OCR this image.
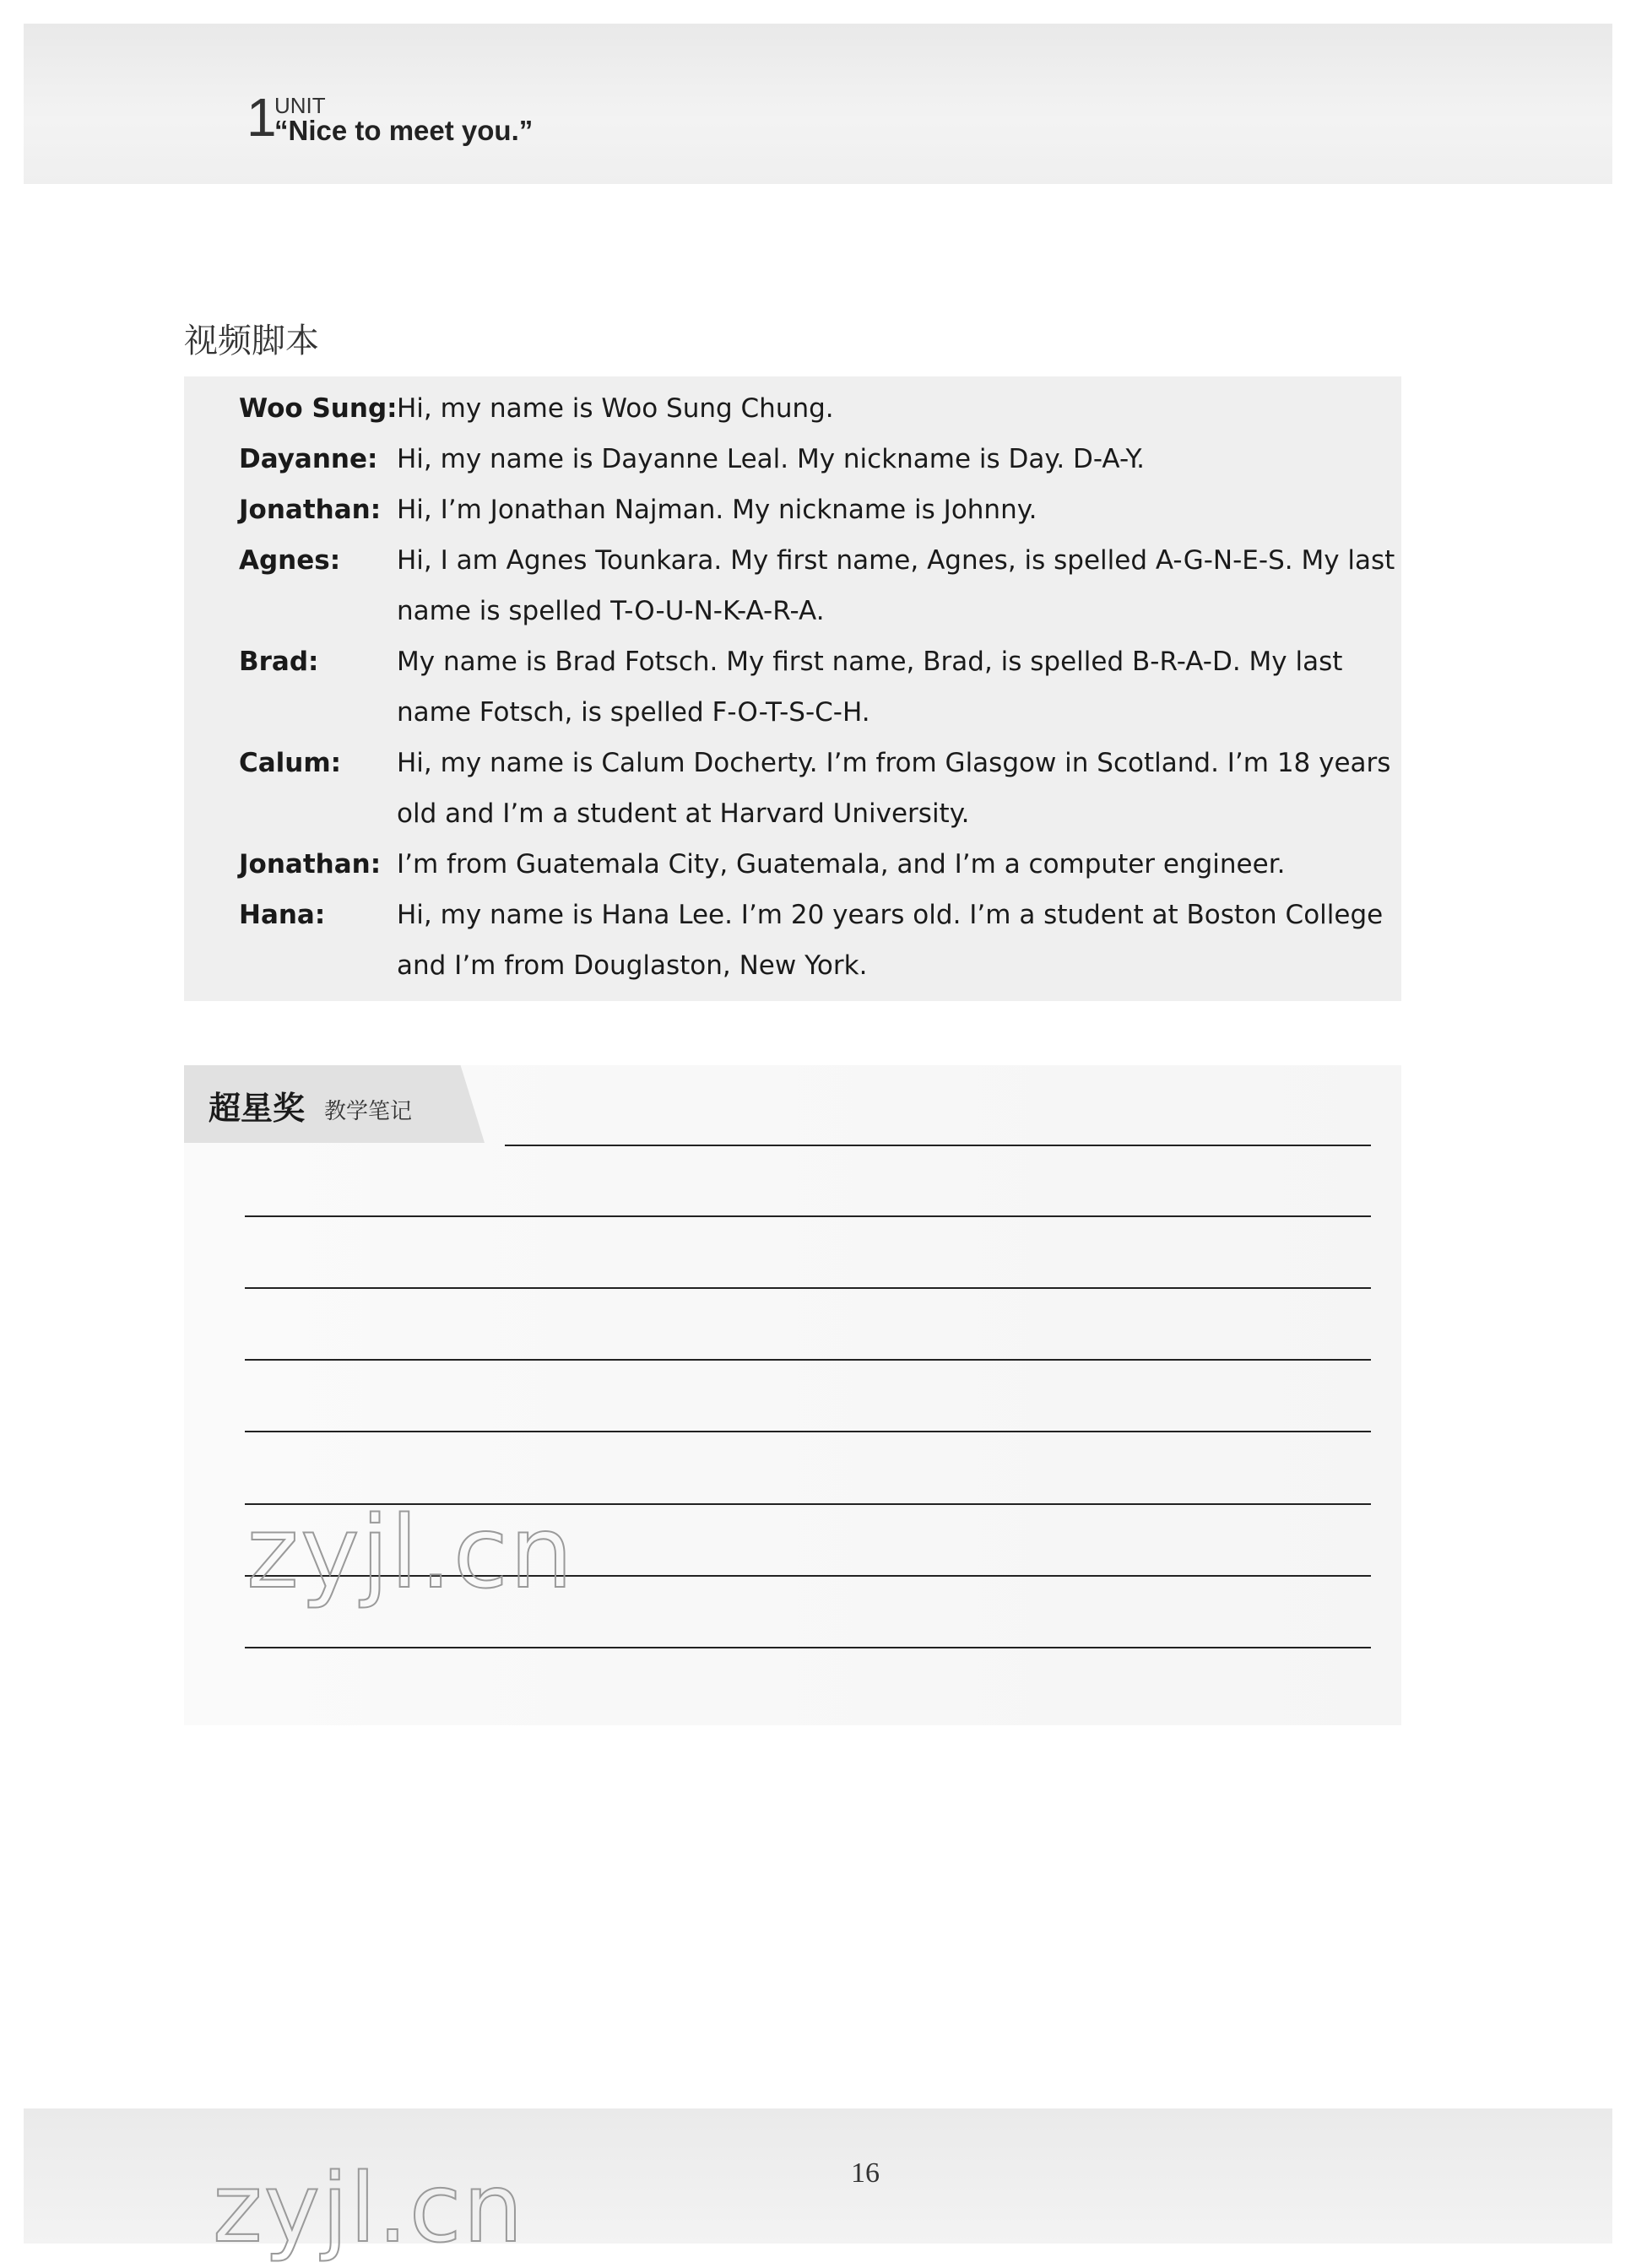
1
UNIT
“Nice to meet you.”
视频脚本
Woo Sung: Hi, my name is Woo Sung Chung.
Dayanne: Hi, my name is Dayanne Leal. My nickname is Day. D-A-Y.
Jonathan: Hi, I’m Jonathan Najman. My nickname is Johnny.
Agnes: Hi, I am Agnes Tounkara. My first name, Agnes, is spelled A-G-N-E-S. My last
name is spelled T-O-U-N-K-A-R-A.
Brad:	My name is Brad Fotsch. My first name, Brad, is spelled B-R-A-D. My last
name Fotsch, is spelled F-O-T-S-C-H.
Calum: Hi, my name is Calum Docherty. I’m from Glasgow in Scotland. I’m 18 years
old and I’m a student at Harvard University.
Jonathan: I’m from Guatemala City, Guatemala, and I’m a computer engineer.
Hana:	Hi, my name is Hana Lee. I’m 20 years old. I’m a student at Boston College
and I’m from Douglaston, New York.
超星奖 教学笔记
zyjl.cn
16
zyjl.cn
